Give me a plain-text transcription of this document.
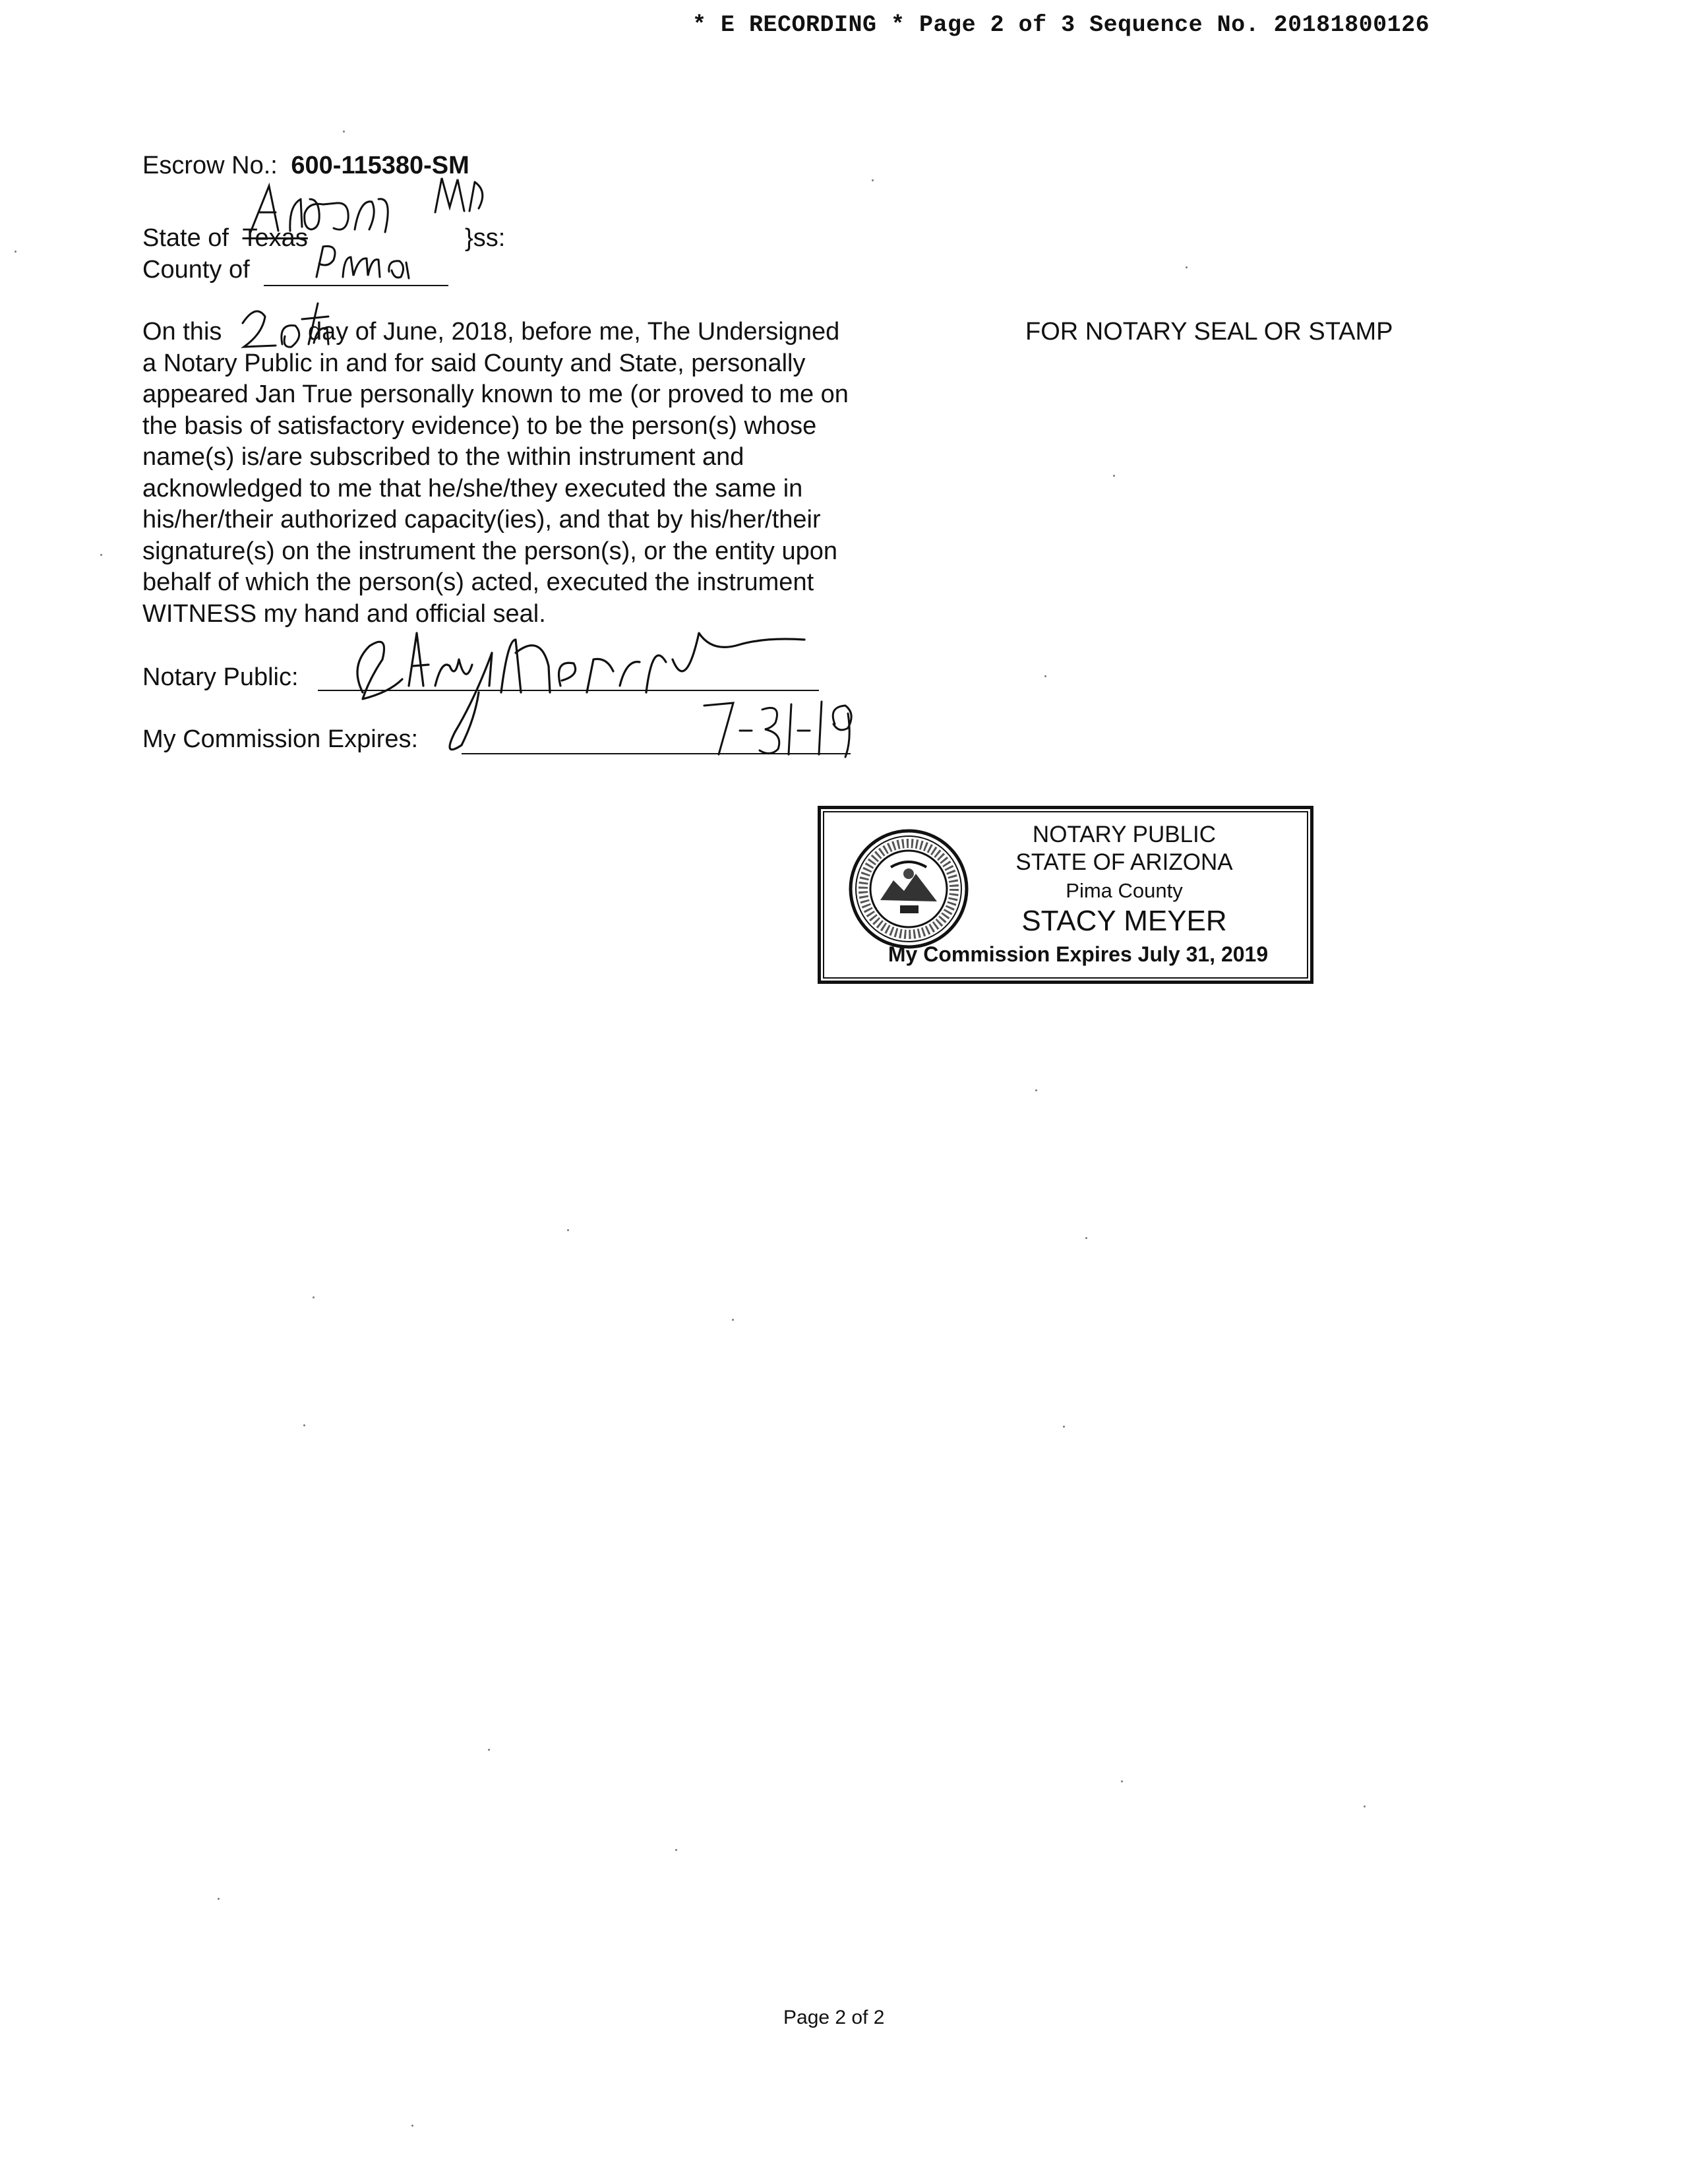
* E RECORDING * Page 2 of 3 Sequence No. 20181800126
Escrow No.: 600-115380-SM
State of Texas	}ss:
County of
On this	day of June, 2018, before me, The Undersigned
a Notary Public in and for said County and State, personally
appeared Jan True personally known to me (or proved to me on
the basis of satisfactory evidence) to be the person(s) whose
name(s) is/are subscribed to the within instrument and
acknowledged to me that he/she/they executed the same in
his/her/their authorized capacity(ies), and that by his/her/their
signature(s) on the instrument the person(s), or the entity upon
behalf of which the person(s) acted, executed the instrument
WITNESS my hand and official seal.
Notary Public:
My Commission Expires:
FOR NOTARY SEAL OR STAMP
NOTARY PUBLIC
STATE OF ARIZONA
Pima County
STACY MEYER
My Commission Expires July 31, 2019
Page 2 of 2
